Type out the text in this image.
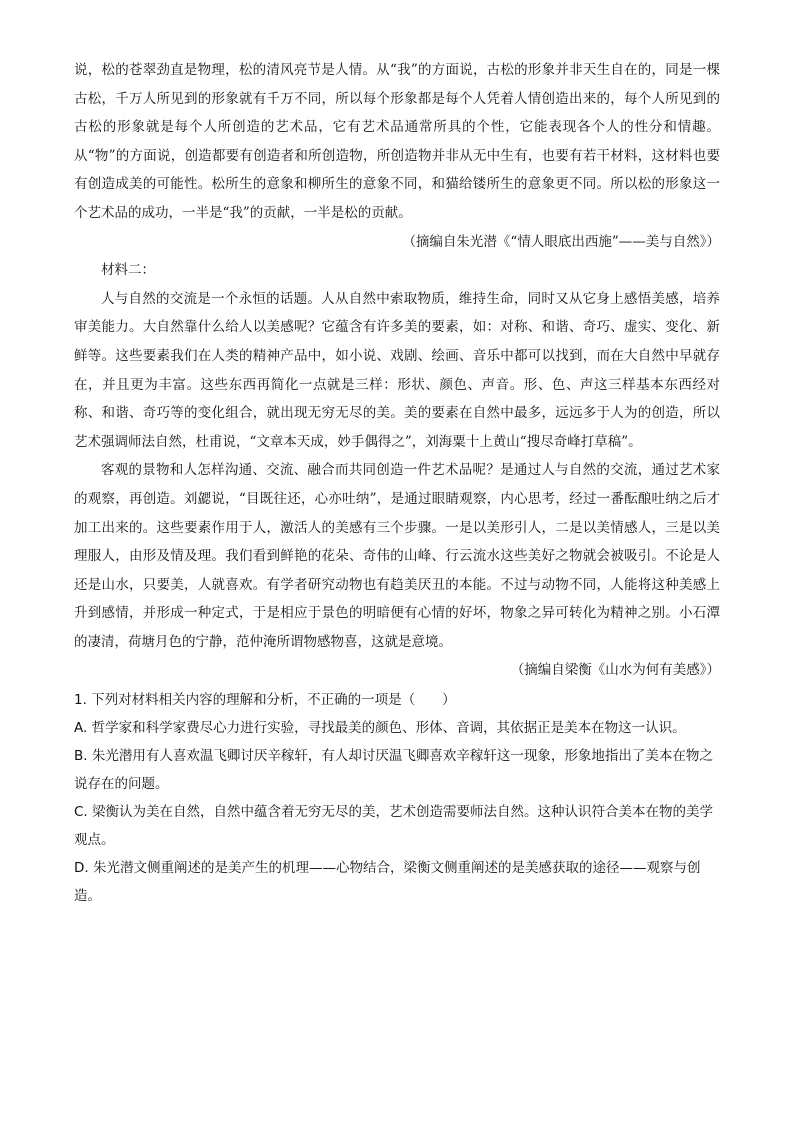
说，松的苍翠劲直是物理，松的清风亮节是人情。从“我”的方面说，古松的形象并非天生自在的，同是一棵古松，千万人所见到的形象就有千万不同，所以每个形象都是每个人凭着人情创造出来的，每个人所见到的古松的形象就是每个人所创造的艺术品，它有艺术品通常所具的个性，它能表现各个人的性分和情趣。从“物”的方面说，创造都要有创造者和所创造物，所创造物并非从无中生有，也要有若干材料，这材料也要有创造成美的可能性。松所生的意象和柳所生的意象不同，和猫给镂所生的意象更不同。所以松的形象这一个艺术品的成功，一半是“我”的贡献，一半是松的贡献。

（摘编自朱光潜《“情人眼底出西施”——美与自然》）

材料二：

人与自然的交流是一个永恒的话题。人从自然中索取物质，维持生命，同时又从它身上感悟美感，培养审美能力。大自然靠什么给人以美感呢？它蕴含有许多美的要素，如：对称、和谐、奇巧、虚实、变化、新鲜等。这些要素我们在人类的精神产品中，如小说、戏剧、绘画、音乐中都可以找到，而在大自然中早就存在，并且更为丰富。这些东西再简化一点就是三样：形状、颜色、声音。形、色、声这三样基本东西经对称、和谐、奇巧等的变化组合，就出现无穷无尽的美。美的要素在自然中最多，远远多于人为的创造，所以艺术强调师法自然，杜甫说，“文章本天成，妙手偶得之”，刘海粟十上黄山“搜尽奇峰打草稿”。

客观的景物和人怎样沟通、交流、融合而共同创造一件艺术品呢？是通过人与自然的交流，通过艺术家的观察，再创造。刘勰说，“目既往还，心亦吐纳”，是通过眼睛观察，内心思考，经过一番酝酿吐纳之后才加工出来的。这些要素作用于人，激活人的美感有三个步骤。一是以美形引人，二是以美情感人，三是以美理服人，由形及情及理。我们看到鲜艳的花朵、奇伟的山峰、行云流水这些美好之物就会被吸引。不论是人还是山水，只要美，人就喜欢。有学者研究动物也有趋美厌丑的本能。不过与动物不同，人能将这种美感上升到感情，并形成一种定式，于是相应于景色的明暗便有心情的好坏，物象之异可转化为精神之别。小石潭的凄清，荷塘月色的宁静，范仲淹所谓物感物喜，这就是意境。

（摘编自梁衡《山水为何有美感》）

1. 下列对材料相关内容的理解和分析，不正确的一项是（　　）

A. 哲学家和科学家费尽心力进行实验，寻找最美的颜色、形体、音调，其依据正是美本在物这一认识。

B. 朱光潜用有人喜欢温飞卿讨厌辛稼轩，有人却讨厌温飞卿喜欢辛稼轩这一现象，形象地指出了美本在物之说存在的问题。

C. 梁衡认为美在自然，自然中蕴含着无穷无尽的美，艺术创造需要师法自然。这种认识符合美本在物的美学观点。

D. 朱光潜文侧重阐述的是美产生的机理——心物结合，梁衡文侧重阐述的是美感获取的途径——观察与创造。
